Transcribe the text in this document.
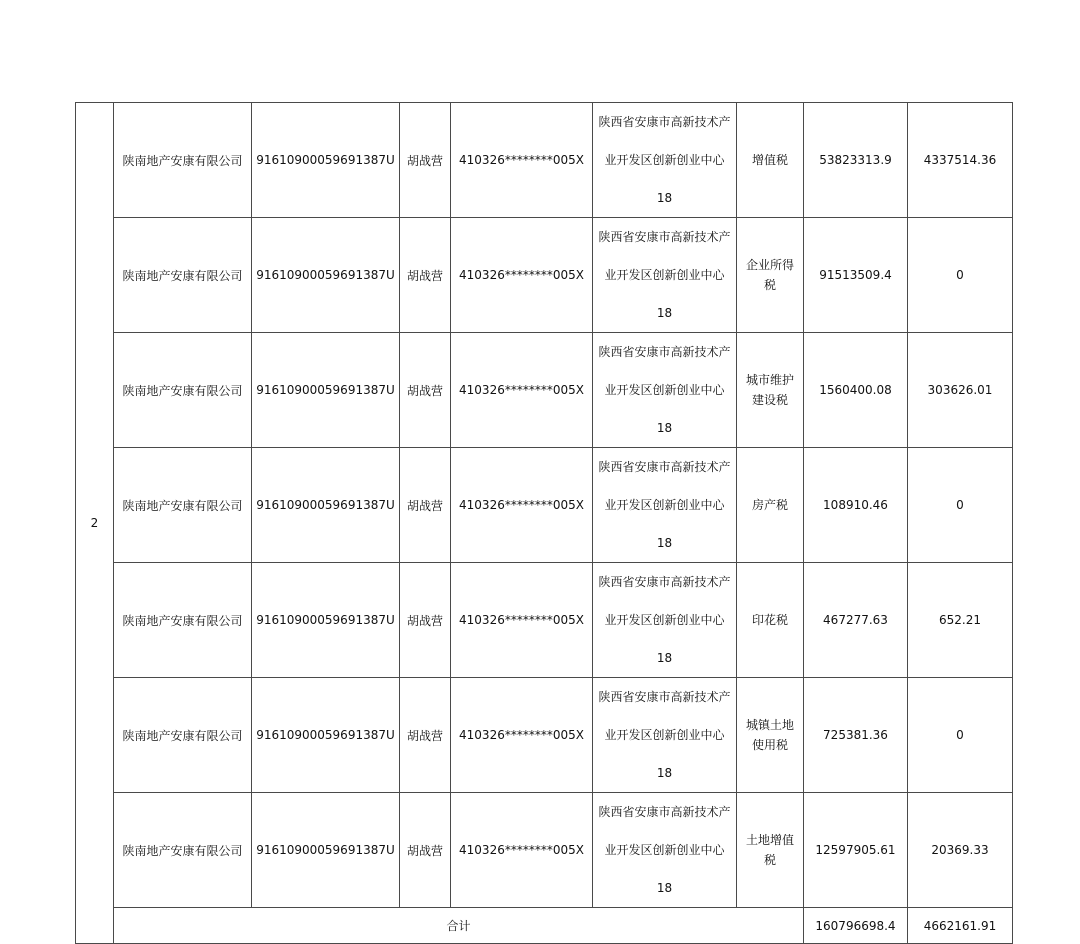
2	陕南地产安康有限公司	91610900059691387U	胡战营	410326********005X	陕西省安康市高新技术产
业开发区创新创业中心 18	增值税	53823313.9	4337514.36
	陕南地产安康有限公司	91610900059691387U	胡战营	410326********005X	陕西省安康市高新技术产
业开发区创新创业中心 18	企业所得税	91513509.4	0
	陕南地产安康有限公司	91610900059691387U	胡战营	410326********005X	陕西省安康市高新技术产
业开发区创新创业中心 18	城市维护建设税	1560400.08	303626.01
	陕南地产安康有限公司	91610900059691387U	胡战营	410326********005X	陕西省安康市高新技术产
业开发区创新创业中心 18	房产税	108910.46	0
	陕南地产安康有限公司	91610900059691387U	胡战营	410326********005X	陕西省安康市高新技术产
业开发区创新创业中心 18	印花税	467277.63	652.21
	陕南地产安康有限公司	91610900059691387U	胡战营	410326********005X	陕西省安康市高新技术产
业开发区创新创业中心 18	城镇土地使用税	725381.36	0
	陕南地产安康有限公司	91610900059691387U	胡战营	410326********005X	陕西省安康市高新技术产
业开发区创新创业中心 18	土地增值税	12597905.61	20369.33
	合计						160796698.4	4662161.91
